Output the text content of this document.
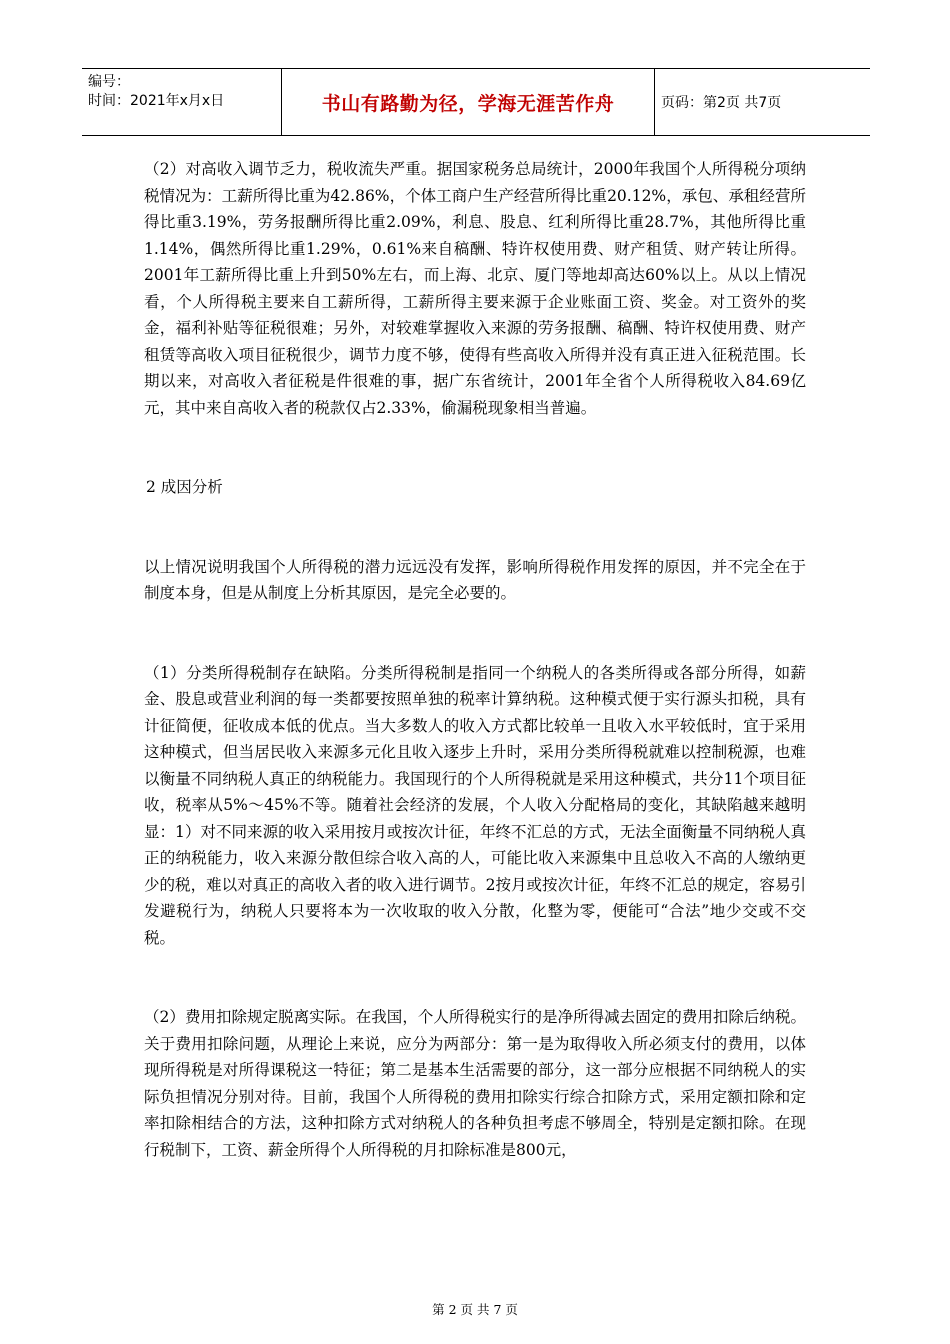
编号：
时间：2021年x月x日	书山有路勤为径，学海无涯苦作舟	页码：第2页 共7页

（2）对高收入调节乏力，税收流失严重。据国家税务总局统计，2000年我国个人所得税分项纳税情况为：工薪所得比重为42.86%，个体工商户生产经营所得比重20.12%，承包、承租经营所得比重3.19%，劳务报酬所得比重2.09%，利息、股息、红利所得比重28.7%，其他所得比重1.14%，偶然所得比重1.29%，0.61%来自稿酬、特许权使用费、财产租赁、财产转让所得。2001年工薪所得比重上升到50%左右，而上海、北京、厦门等地却高达60%以上。从以上情况看，个人所得税主要来自工薪所得，工薪所得主要来源于企业账面工资、奖金。对工资外的奖金，福利补贴等征税很难；另外，对较难掌握收入来源的劳务报酬、稿酬、特许权使用费、财产租赁等高收入项目征税很少，调节力度不够，使得有些高收入所得并没有真正进入征税范围。长期以来，对高收入者征税是件很难的事，据广东省统计，2001年全省个人所得税收入84.69亿元，其中来自高收入者的税款仅占2.33%，偷漏税现象相当普遍。

2 成因分析

以上情况说明我国个人所得税的潜力远远没有发挥，影响所得税作用发挥的原因，并不完全在于制度本身，但是从制度上分析其原因，是完全必要的。

（1）分类所得税制存在缺陷。分类所得税制是指同一个纳税人的各类所得或各部分所得，如薪金、股息或营业利润的每一类都要按照单独的税率计算纳税。这种模式便于实行源头扣税，具有计征简便，征收成本低的优点。当大多数人的收入方式都比较单一且收入水平较低时，宜于采用这种模式，但当居民收入来源多元化且收入逐步上升时，采用分类所得税就难以控制税源，也难以衡量不同纳税人真正的纳税能力。我国现行的个人所得税就是采用这种模式，共分11个项目征收，税率从5%～45%不等。随着社会经济的发展，个人收入分配格局的变化，其缺陷越来越明显：1）对不同来源的收入采用按月或按次计征，年终不汇总的方式，无法全面衡量不同纳税人真正的纳税能力，收入来源分散但综合收入高的人，可能比收入来源集中且总收入不高的人缴纳更少的税，难以对真正的高收入者的收入进行调节。2按月或按次计征，年终不汇总的规定，容易引发避税行为，纳税人只要将本为一次收取的收入分散，化整为零，便能可“合法”地少交或不交税。

（2）费用扣除规定脱离实际。在我国，个人所得税实行的是净所得减去固定的费用扣除后纳税。关于费用扣除问题，从理论上来说，应分为两部分：第一是为取得收入所必须支付的费用，以体现所得税是对所得课税这一特征；第二是基本生活需要的部分，这一部分应根据不同纳税人的实际负担情况分别对待。目前，我国个人所得税的费用扣除实行综合扣除方式，采用定额扣除和定率扣除相结合的方法，这种扣除方式对纳税人的各种负担考虑不够周全，特别是定额扣除。在现行税制下，工资、薪金所得个人所得税的月扣除标准是800元，

第 2 页 共 7 页
